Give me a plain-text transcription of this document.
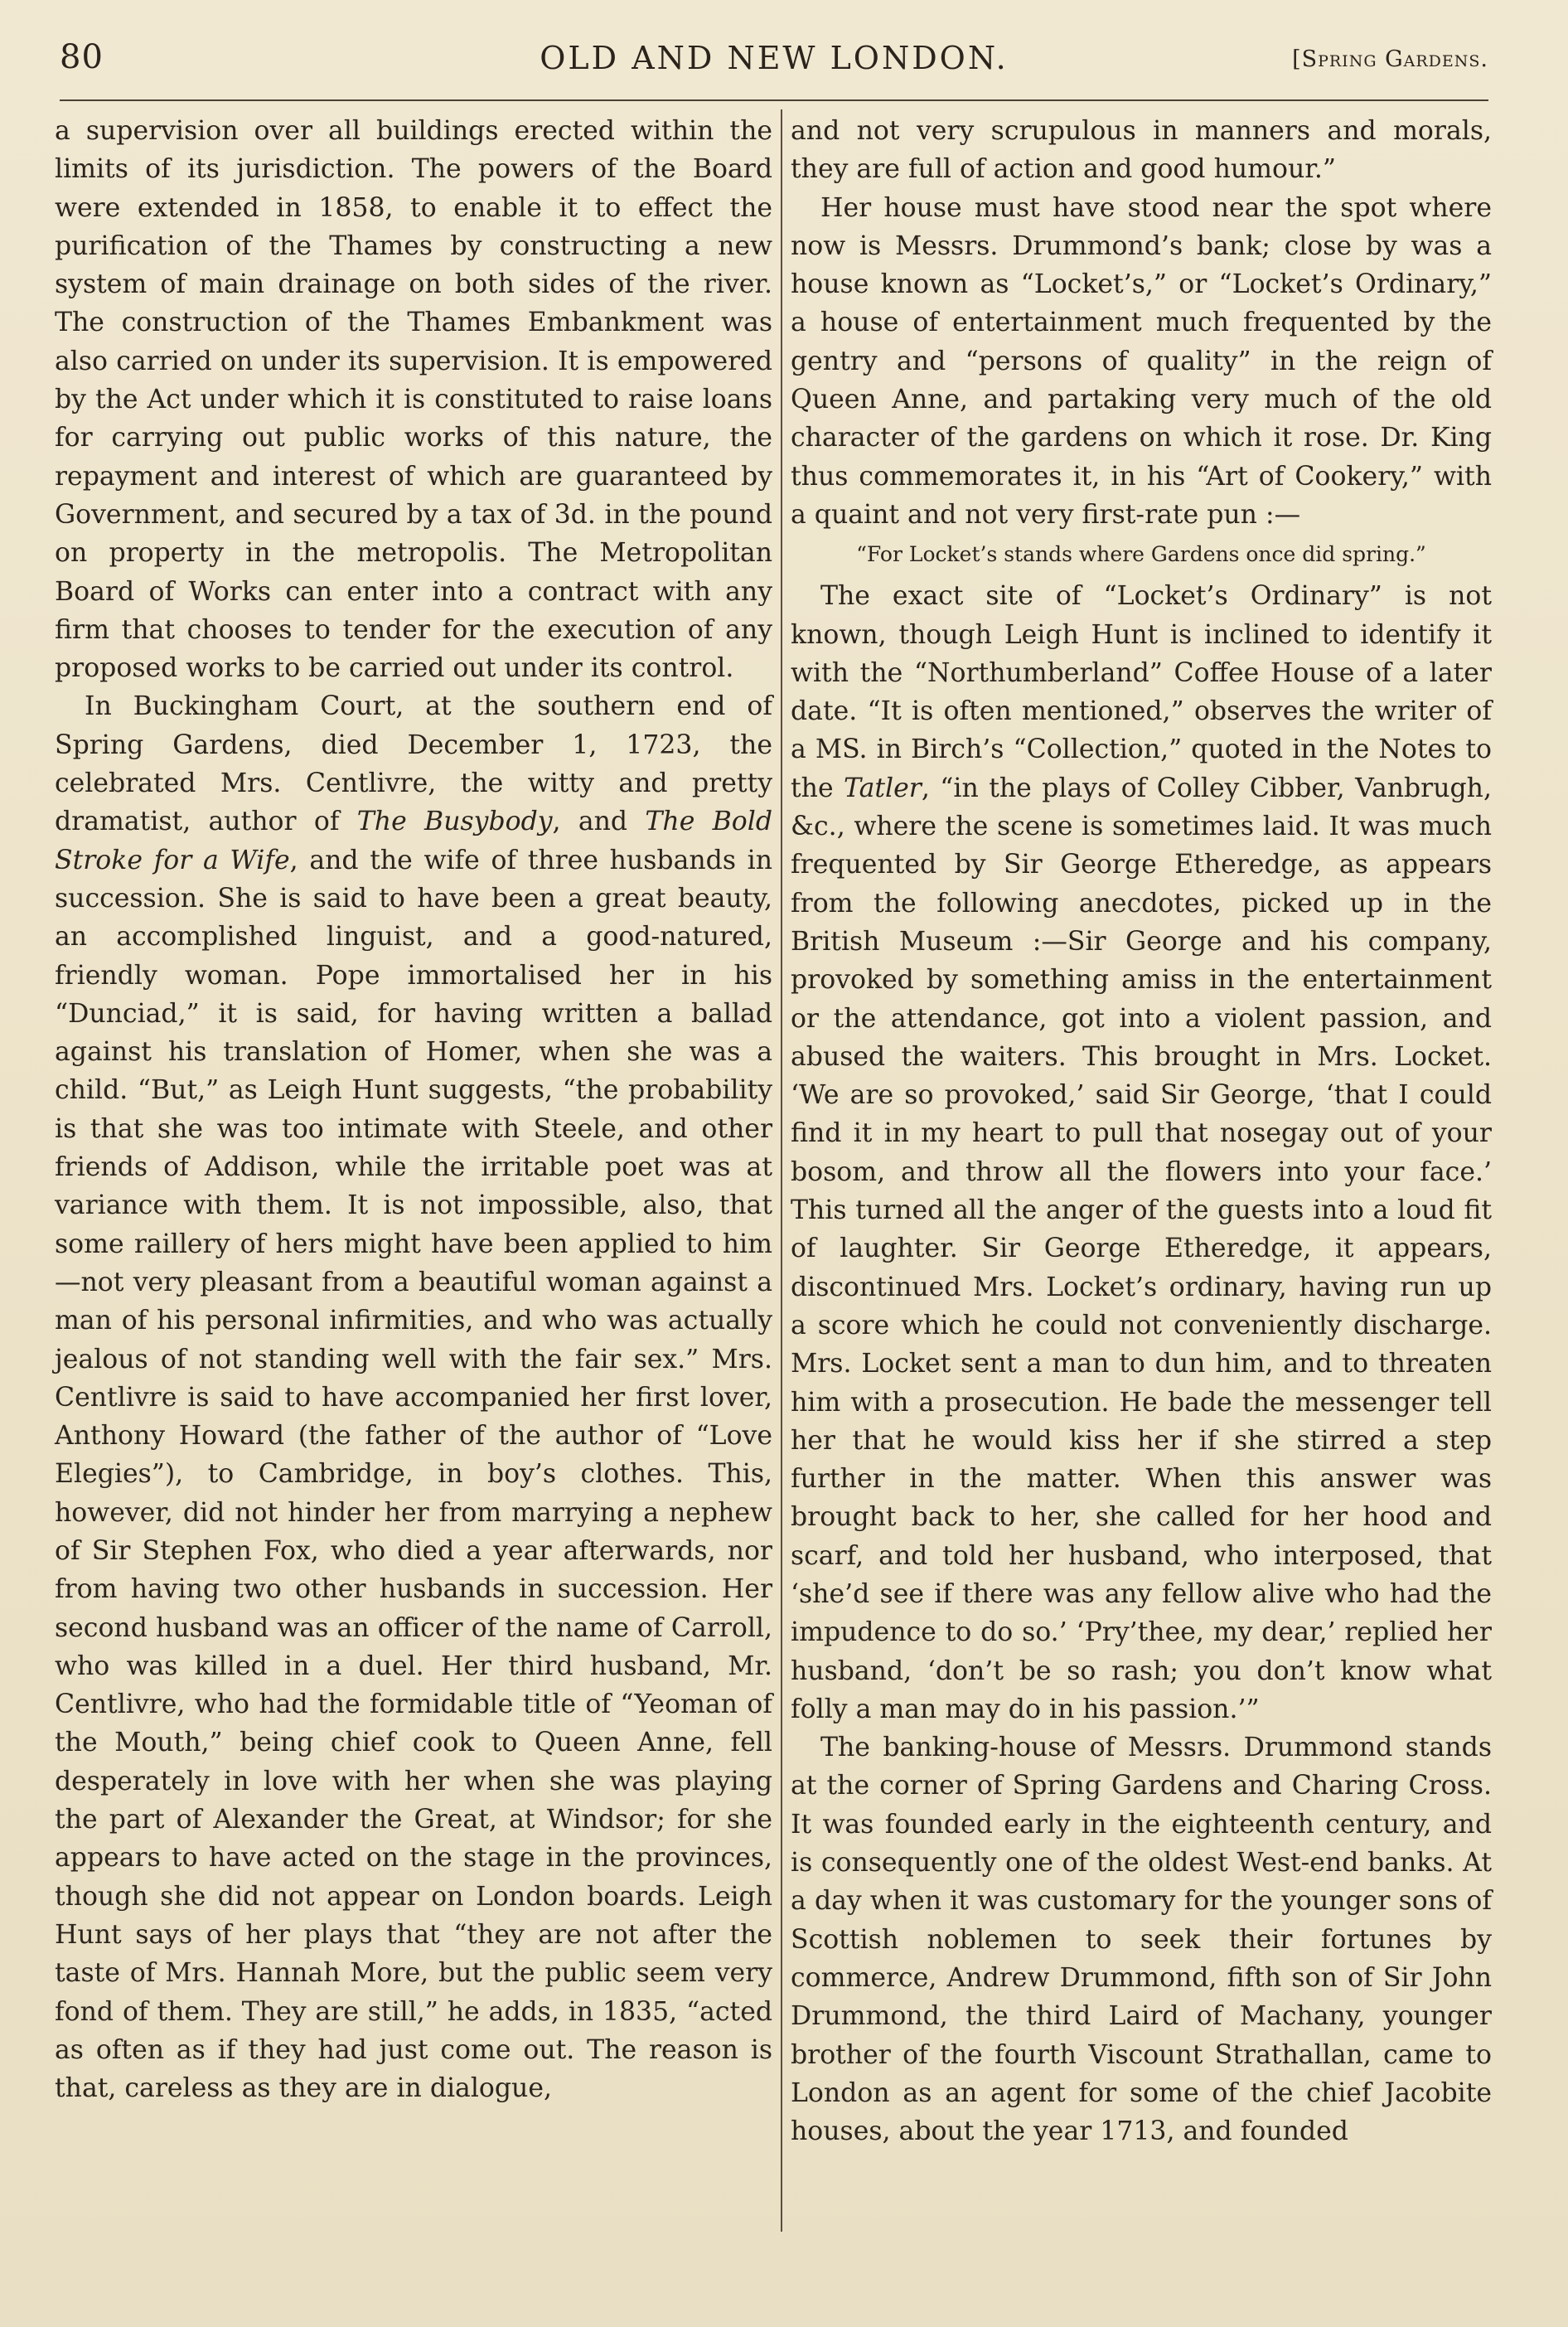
80	OLD AND NEW LONDON.	[Spring Gardens.

a supervision over all buildings erected within the limits of its jurisdiction. The powers of the Board were extended in 1858, to enable it to effect the purification of the Thames by constructing a new system of main drainage on both sides of the river. The construction of the Thames Embankment was also carried on under its supervision. It is empowered by the Act under which it is constituted to raise loans for carrying out public works of this nature, the repayment and interest of which are guaranteed by Government, and secured by a tax of 3d. in the pound on property in the metropolis. The Metropolitan Board of Works can enter into a contract with any firm that chooses to tender for the execution of any proposed works to be carried out under its control.

In Buckingham Court, at the southern end of Spring Gardens, died December 1, 1723, the celebrated Mrs. Centlivre, the witty and pretty dramatist, author of The Busybody, and The Bold Stroke for a Wife, and the wife of three husbands in succession. She is said to have been a great beauty, an accomplished linguist, and a good-natured, friendly woman. Pope immortalised her in his “Dunciad,” it is said, for having written a ballad against his translation of Homer, when she was a child. “But,” as Leigh Hunt suggests, “the probability is that she was too intimate with Steele, and other friends of Addison, while the irritable poet was at variance with them. It is not impossible, also, that some raillery of hers might have been applied to him—not very pleasant from a beautiful woman against a man of his personal infirmities, and who was actually jealous of not standing well with the fair sex.” Mrs. Centlivre is said to have accompanied her first lover, Anthony Howard (the father of the author of “Love Elegies”), to Cambridge, in boy’s clothes. This, however, did not hinder her from marrying a nephew of Sir Stephen Fox, who died a year afterwards, nor from having two other husbands in succession. Her second husband was an officer of the name of Carroll, who was killed in a duel. Her third husband, Mr. Centlivre, who had the formidable title of “Yeoman of the Mouth,” being chief cook to Queen Anne, fell desperately in love with her when she was playing the part of Alexander the Great, at Windsor; for she appears to have acted on the stage in the provinces, though she did not appear on London boards. Leigh Hunt says of her plays that “they are not after the taste of Mrs. Hannah More, but the public seem very fond of them. They are still,” he adds, in 1835, “acted as often as if they had just come out. The reason is that, careless as they are in dialogue,

and not very scrupulous in manners and morals, they are full of action and good humour.”

Her house must have stood near the spot where now is Messrs. Drummond’s bank; close by was a house known as “Locket’s,” or “Locket’s Ordinary,” a house of entertainment much frequented by the gentry and “persons of quality” in the reign of Queen Anne, and partaking very much of the old character of the gardens on which it rose. Dr. King thus commemorates it, in his “Art of Cookery,” with a quaint and not very first-rate pun :—

“For Locket’s stands where Gardens once did spring.”

The exact site of “Locket’s Ordinary” is not known, though Leigh Hunt is inclined to identify it with the “Northumberland” Coffee House of a later date. “It is often mentioned,” observes the writer of a MS. in Birch’s “Collection,” quoted in the Notes to the Tatler, “in the plays of Colley Cibber, Vanbrugh, &c., where the scene is sometimes laid. It was much frequented by Sir George Etheredge, as appears from the following anecdotes, picked up in the British Museum :—Sir George and his company, provoked by something amiss in the entertainment or the attendance, got into a violent passion, and abused the waiters. This brought in Mrs. Locket. ‘We are so provoked,’ said Sir George, ‘that I could find it in my heart to pull that nosegay out of your bosom, and throw all the flowers into your face.’ This turned all the anger of the guests into a loud fit of laughter. Sir George Etheredge, it appears, discontinued Mrs. Locket’s ordinary, having run up a score which he could not conveniently discharge. Mrs. Locket sent a man to dun him, and to threaten him with a prosecution. He bade the messenger tell her that he would kiss her if she stirred a step further in the matter. When this answer was brought back to her, she called for her hood and scarf, and told her husband, who interposed, that ‘she’d see if there was any fellow alive who had the impudence to do so.’ ‘Pry’thee, my dear,’ replied her husband, ‘don’t be so rash; you don’t know what folly a man may do in his passion.’”

The banking-house of Messrs. Drummond stands at the corner of Spring Gardens and Charing Cross. It was founded early in the eighteenth century, and is consequently one of the oldest West-end banks. At a day when it was customary for the younger sons of Scottish noblemen to seek their fortunes by commerce, Andrew Drummond, fifth son of Sir John Drummond, the third Laird of Machany, younger brother of the fourth Viscount Strathallan, came to London as an agent for some of the chief Jacobite houses, about the year 1713, and founded
